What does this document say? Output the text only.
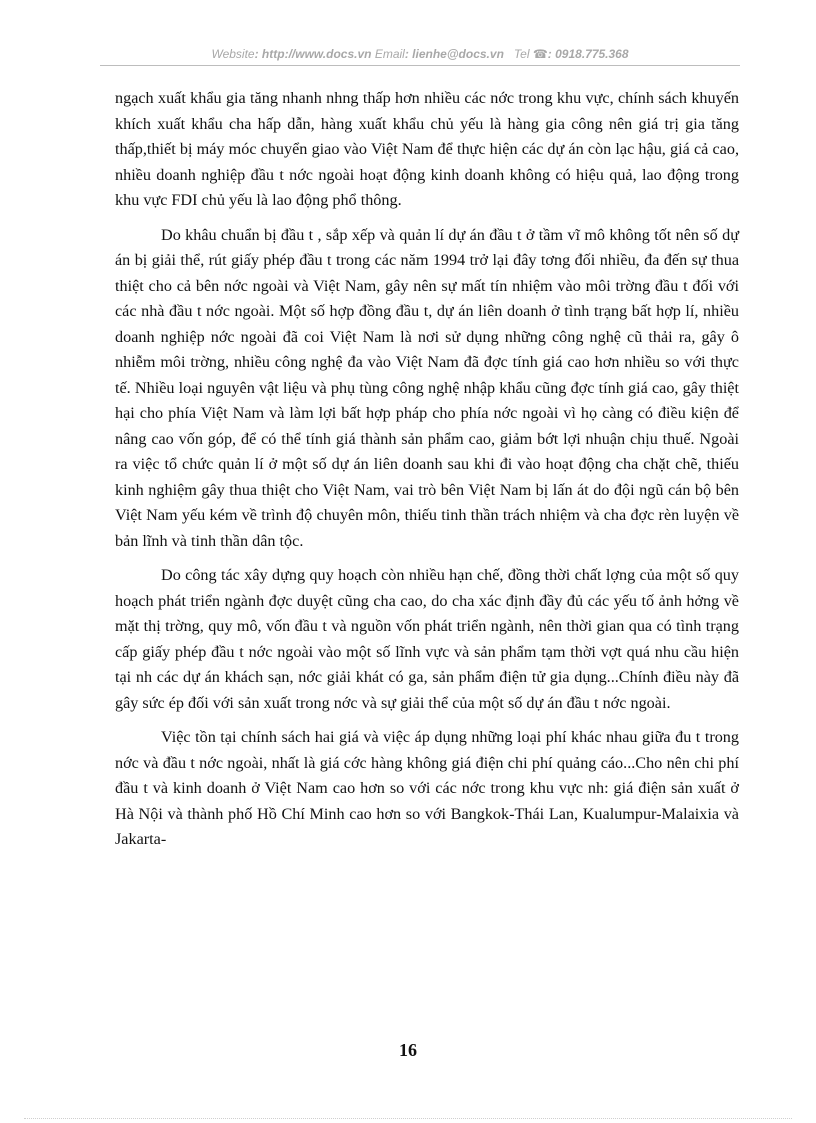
Website: http://www.docs.vn Email: lienhe@docs.vn Tel ☎: 0918.775.368

ngạch xuất khẩu gia tăng nhanh nhng thấp hơn nhiều các nớc trong khu vực, chính sách khuyến khích xuất khẩu cha hấp dẫn, hàng xuất khẩu chủ yếu là hàng gia công nên giá trị gia tăng thấp,thiết bị máy móc chuyển giao vào Việt Nam để thực hiện các dự án còn lạc hậu, giá cả cao, nhiều doanh nghiệp đầu t nớc ngoài hoạt động kinh doanh không có hiệu quả, lao động trong khu vực FDI chủ yếu là lao động phổ thông.

Do khâu chuẩn bị đầu t , sắp xếp và quản lí dự án đầu t ở tầm vĩ mô không tốt nên số dự án bị giải thể, rút giấy phép đầu t trong các năm 1994 trở lại đây tơng đối nhiều, đa đến sự thua thiệt cho cả bên nớc ngoài và Việt Nam, gây nên sự mất tín nhiệm vào môi trờng đầu t đối với các nhà đầu t nớc ngoài. Một số hợp đồng đầu t, dự án liên doanh ở tình trạng bất hợp lí, nhiều doanh nghiệp nớc ngoài đã coi Việt Nam là nơi sử dụng những công nghệ cũ thải ra, gây ô nhiễm môi trờng, nhiều công nghệ đa vào Việt Nam đã đợc tính giá cao hơn nhiều so với thực tế. Nhiều loại nguyên vật liệu và phụ tùng công nghệ nhập khẩu cũng đợc tính giá cao, gây thiệt hại cho phía Việt Nam và làm lợi bất hợp pháp cho phía nớc ngoài vì họ càng có điều kiện để nâng cao vốn góp, để có thể tính giá thành sản phẩm cao, giảm bớt lợi nhuận chịu thuế. Ngoài ra việc tổ chức quản lí ở một số dự án liên doanh sau khi đi vào hoạt động cha chặt chẽ, thiếu kinh nghiệm gây thua thiệt cho Việt Nam, vai trò bên Việt Nam bị lấn át do đội ngũ cán bộ bên Việt Nam yếu kém về trình độ chuyên môn, thiếu tinh thần trách nhiệm và cha đợc rèn luyện về bản lĩnh và tinh thần dân tộc.

Do công tác xây dựng quy hoạch còn nhiều hạn chế, đồng thời chất lợng của một số quy hoạch phát triển ngành đợc duyệt cũng cha cao, do cha xác định đầy đủ các yếu tố ảnh hởng về mặt thị trờng, quy mô, vốn đầu t và nguồn vốn phát triển ngành, nên thời gian qua có tình trạng cấp giấy phép đầu t nớc ngoài vào một số lĩnh vực và sản phẩm tạm thời vợt quá nhu cầu hiện tại nh các dự án khách sạn, nớc giải khát có ga, sản phẩm điện tử gia dụng...Chính điều này đã gây sức ép đối với sản xuất trong nớc và sự giải thể của một số dự án đầu t nớc ngoài.

Việc tồn tại chính sách hai giá và việc áp dụng những loại phí khác nhau giữa đu t trong nớc và đầu t nớc ngoài, nhất là giá cớc hàng không giá điện chi phí quảng cáo...Cho nên chi phí đầu t và kinh doanh ở Việt Nam cao hơn so với các nớc trong khu vực nh: giá điện sản xuất ở Hà Nội và thành phố Hồ Chí Minh cao hơn so với Bangkok-Thái Lan, Kualumpur-Malaixia và Jakarta-

16
